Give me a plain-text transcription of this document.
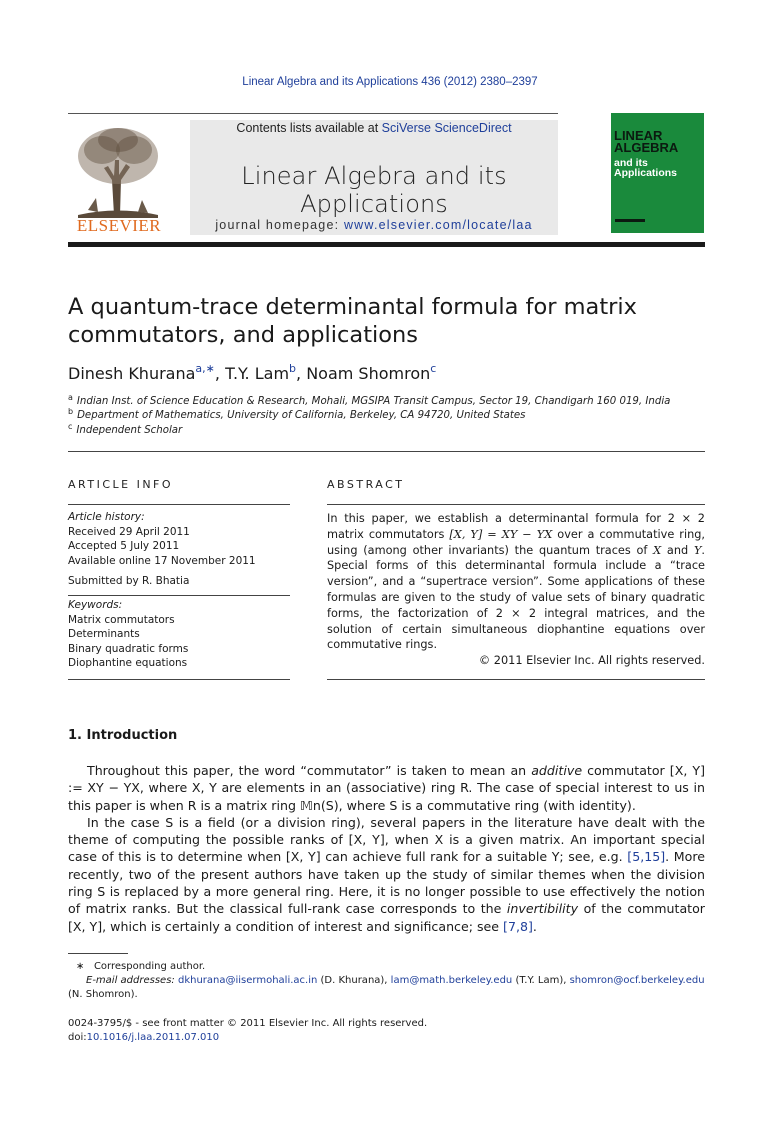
Linear Algebra and its Applications 436 (2012) 2380–2397
ELSEVIER
Contents lists available at SciVerse ScienceDirect
Linear Algebra and its Applications
journal homepage: www.elsevier.com/locate/laa
LINEAR
ALGEBRA
and its
Applications
A quantum-trace determinantal formula for matrix
commutators, and applications
Dinesh Khurana$^{a,∗}$, T.Y. Lam$^b$, Noam Shomron$^c$
$^a$ Indian Inst. of Science Education & Research, Mohali, MGSIPA Transit Campus, Sector 19, Chandigarh 160 019, India
$^b$ Department of Mathematics, University of California, Berkeley, CA 94720, United States
$^c$ Independent Scholar
ARTICLE INFO
Article history:
Received 29 April 2011
Accepted 5 July 2011
Available online 17 November 2011
Submitted by R. Bhatia
Keywords:
Matrix commutators
Determinants
Binary quadratic forms
Diophantine equations
ABSTRACT
In this paper, we establish a determinantal formula for 2 × 2 matrix commutators [X, Y] = XY − YX over a commutative ring, using (among other invariants) the quantum traces of X and Y. Special forms of this determinantal formula include a “trace version”, and a “supertrace version”. Some applications of these formulas are given to the study of value sets of binary quadratic forms, the factorization of 2 × 2 integral matrices, and the solution of certain simultaneous diophantine equations over commutative rings.
© 2011 Elsevier Inc. All rights reserved.
1. Introduction

Throughout this paper, the word “commutator” is taken to mean an additive commutator [X, Y] := XY − YX, where X, Y are elements in an (associative) ring R. The case of special interest to us in this paper is when R is a matrix ring 𝕄n(S), where S is a commutative ring (with identity).

In the case S is a field (or a division ring), several papers in the literature have dealt with the theme of computing the possible ranks of [X, Y], when X is a given matrix. An important special case of this is to determine when [X, Y] can achieve full rank for a suitable Y; see, e.g. [5,15]. More recently, two of the present authors have taken up the study of similar themes when the division ring S is replaced by a more general ring. Here, it is no longer possible to use effectively the notion of matrix ranks. But the classical full-rank case corresponds to the invertibility of the commutator [X, Y], which is certainly a condition of interest and significance; see [7,8].

∗ Corresponding author.
E-mail addresses: dkhurana@iisermohali.ac.in (D. Khurana), lam@math.berkeley.edu (T.Y. Lam), shomron@ocf.berkeley.edu
(N. Shomron).
0024-3795/$ - see front matter © 2011 Elsevier Inc. All rights reserved.
doi:10.1016/j.laa.2011.07.010
